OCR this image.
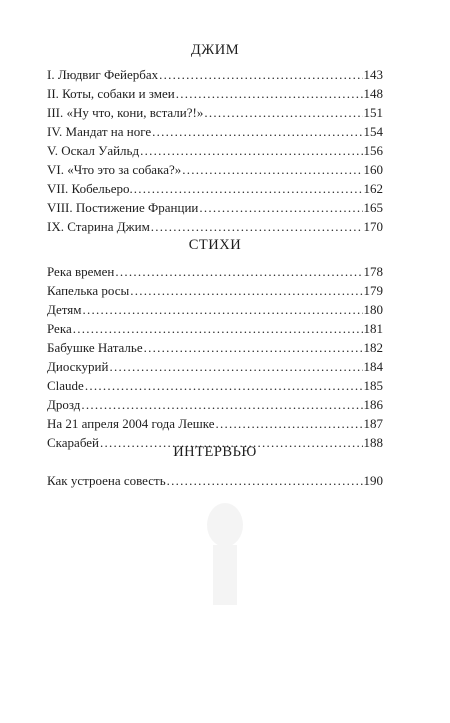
ДЖИМ
I. Людвиг Фейербах . . .	143
II. Коты, собаки и змеи . . .	148
III. «Ну что, кони, встали?!» . . .	151
IV. Мандат на ноге . . .	154
V. Оскал Уайльд . . .	156
VI. «Что это за собака?» . . .	160
VII. Кобельеро. . . .	162
VIII. Постижение Франции . . .	165
IX. Старина Джим . . .	170
СТИХИ
Река времен . . .	178
Капелька росы . . .	179
Детям . . .	180
Река . . .	181
Бабушке Наталье . . .	182
Диоскурий . . .	184
Claude . . .	185
Дрозд . . .	186
На 21 апреля 2004 года Лешке . . .	187
Скарабей . . .	188
ИНТЕРВЬЮ
Как устроена совесть . . .	190
